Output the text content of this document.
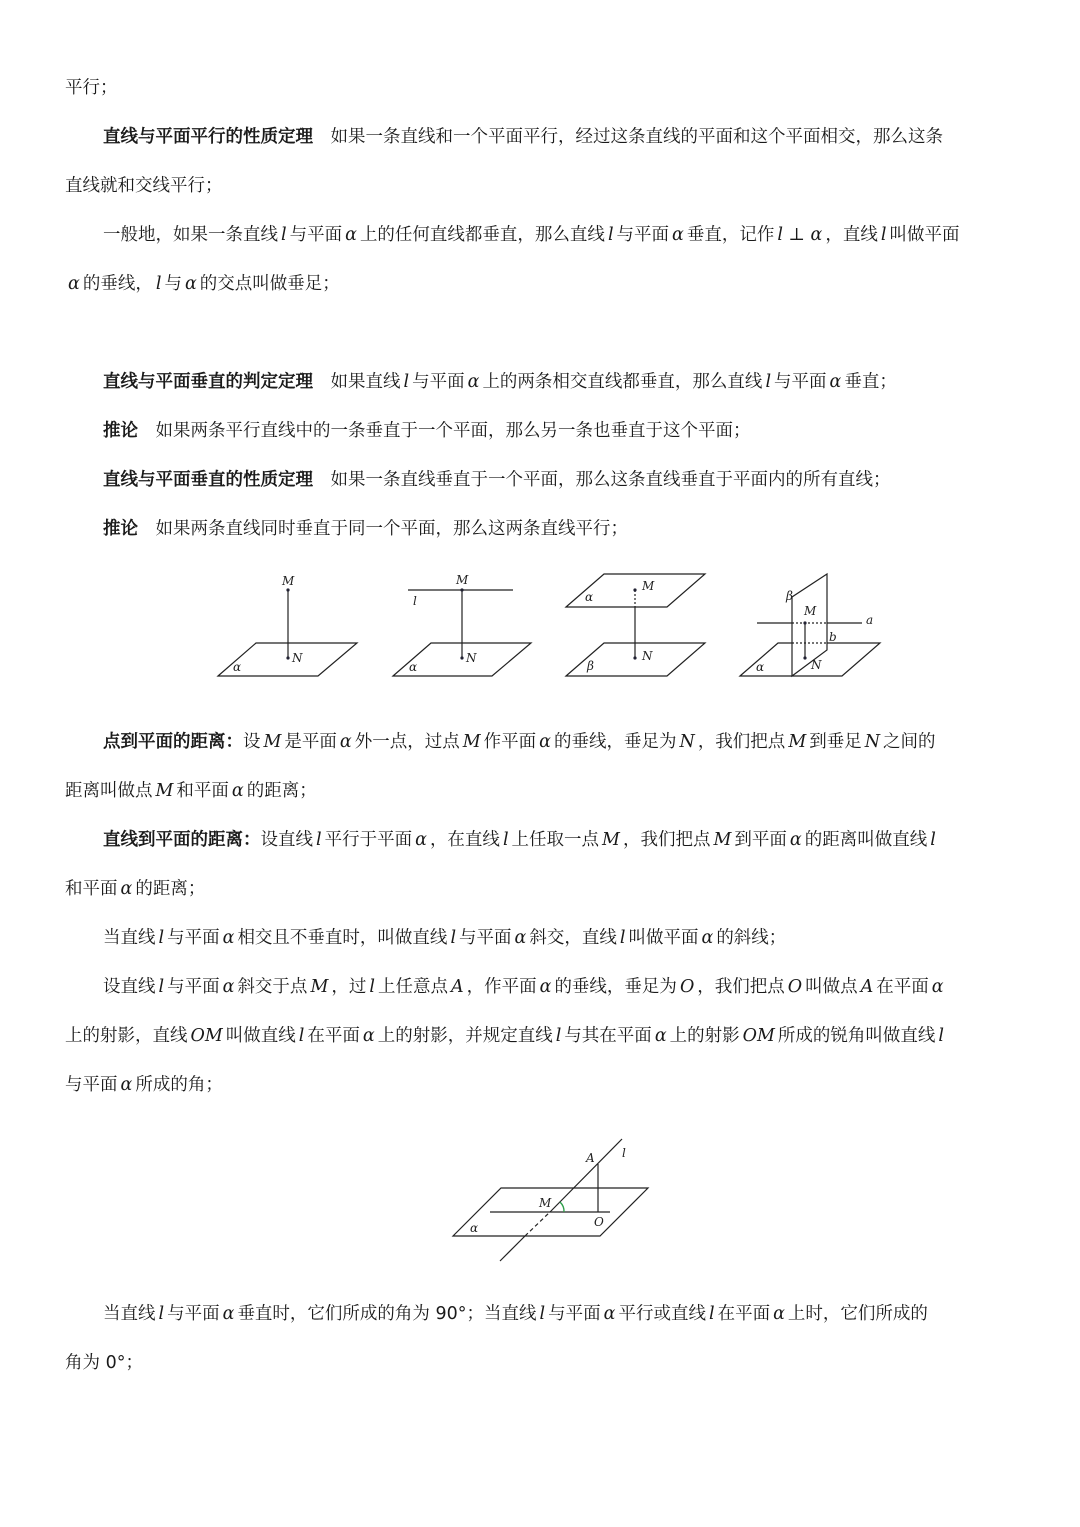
平行；
直线与平面平行的性质定理　如果一条直线和一个平面平行，经过这条直线的平面和这个平面相交，那么这条
直线就和交线平行；
一般地，如果一条直线 l 与平面 α 上的任何直线都垂直，那么直线 l 与平面 α 垂直，记作 l ⊥ α ，直线 l 叫做平面
α 的垂线， l 与 α 的交点叫做垂足；
直线与平面垂直的判定定理　如果直线 l 与平面 α 上的两条相交直线都垂直，那么直线 l 与平面 α 垂直；
推论　如果两条平行直线中的一条垂直于一个平面，那么另一条也垂直于这个平面；
直线与平面垂直的性质定理　如果一条直线垂直于一个平面，那么这条直线垂直于平面内的所有直线；
推论　如果两条直线同时垂直于同一个平面，那么这两条直线平行；
M
N
α
M
N
l
α
M
N
α
β
M
N
a
b
α
β
点到平面的距离：设 M 是平面 α 外一点，过点 M 作平面 α 的垂线，垂足为 N ，我们把点 M 到垂足 N 之间的
距离叫做点 M 和平面 α 的距离；
直线到平面的距离：设直线 l 平行于平面 α ，在直线 l 上任取一点 M ，我们把点 M 到平面 α 的距离叫做直线 l
和平面 α 的距离；
当直线 l 与平面 α 相交且不垂直时，叫做直线 l 与平面 α 斜交，直线 l 叫做平面 α 的斜线；
设直线 l 与平面 α 斜交于点 M ，过 l 上任意点 A ，作平面 α 的垂线，垂足为 O ，我们把点 O 叫做点 A 在平面 α
上的射影，直线 OM 叫做直线 l 在平面 α 上的射影，并规定直线 l 与其在平面 α 上的射影 OM 所成的锐角叫做直线 l
与平面 α 所成的角；
A l
M
O
α
当直线 l 与平面 α 垂直时，它们所成的角为 90°；当直线 l 与平面 α 平行或直线 l 在平面 α 上时，它们所成的
角为 0°；
